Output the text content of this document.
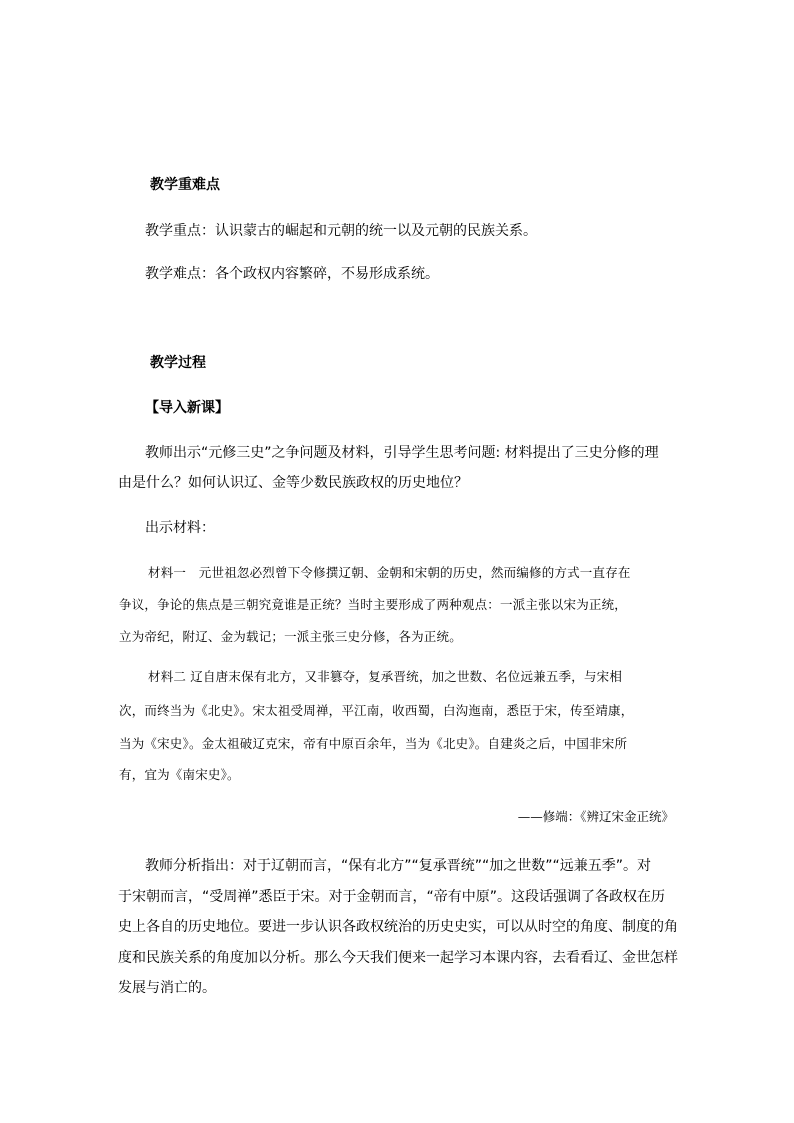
教学重难点

教学重点：认识蒙古的崛起和元朝的统一以及元朝的民族关系。

教学难点：各个政权内容繁碎，不易形成系统。

教学过程

【导入新课】

教师出示“元修三史”之争问题及材料，引导学生思考问题: 材料提出了三史分修的理

由是什么？如何认识辽、金等少数民族政权的历史地位？

出示材料：

材料一　元世祖忽必烈曾下令修撰辽朝、金朝和宋朝的历史，然而编修的方式一直存在

争议，争论的焦点是三朝究竟谁是正统？当时主要形成了两种观点：一派主张以宋为正统，

立为帝纪，附辽、金为载记；一派主张三史分修，各为正统。

材料二 辽自唐末保有北方，又非篡夺，复承晋统，加之世数、名位远兼五季，与宋相

次，而终当为《北史》。宋太祖受周禅，平江南，收西蜀，白沟迤南，悉臣于宋，传至靖康，

当为《宋史》。金太祖破辽克宋，帝有中原百余年，当为《北史》。自建炎之后，中国非宋所

有，宜为《南宋史》。

——修端：《辨辽宋金正统》

教师分析指出：对于辽朝而言，“保有北方”“复承晋统”“加之世数”“远兼五季”。对

于宋朝而言，“受周禅”悉臣于宋。对于金朝而言，“帝有中原”。这段话强调了各政权在历

史上各自的历史地位。要进一步认识各政权统治的历史史实，可以从时空的角度、制度的角

度和民族关系的角度加以分析。那么今天我们便来一起学习本课内容，去看看辽、金世怎样

发展与消亡的。
